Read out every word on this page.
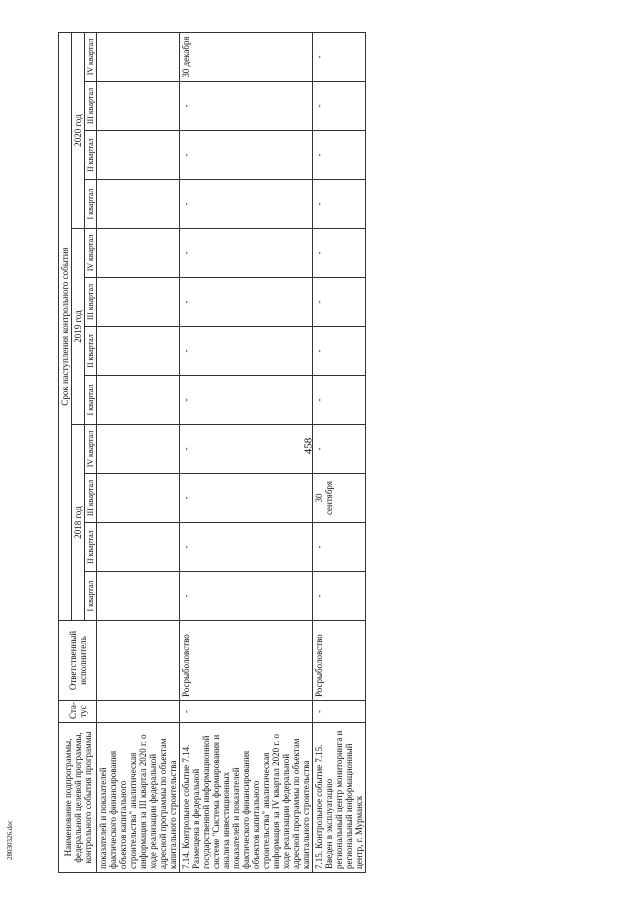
458
Наименование подпрограммы, федеральной целевой программы, контрольного события программы	Ста-тус	Ответственный исполнитель	Срок наступления контрольного события											
			2018 год				2019 год				2020 год			
			I квартал	II квартал	III квартал	IV квартал	I квартал	II квартал	III квартал	IV квартал	I квартал	II квартал	III квартал	IV квартал
показателей и показателей фактического финансирования объектов капитального строительства" аналитическая информация за III квартал 2020 г. о ходе реализации федеральной адресной программы по объектам капитального строительства														
7.14. Контрольное событие 7.14. Размещена в федеральной государственной информационной системе "Система формирования и анализа инвестиционных показателей и показателей фактического финансирования объектов капитального строительства" аналитическая информация за IV квартал 2020 г. о ходе реализации федеральной адресной программы по объектам капитального строительства	-	Росрыболовство	-	-	-	-	-	-	-	-	-	-	-	30 декабря
7.15. Контрольное событие 7.15. Введен в эксплуатацию региональный центр мониторинга и региональный информационный центр, г. Мурманск	-	Росрыболовство	-	-	30 сентября	-	-	-	-	-	-	-	-	-
28030326.doc
